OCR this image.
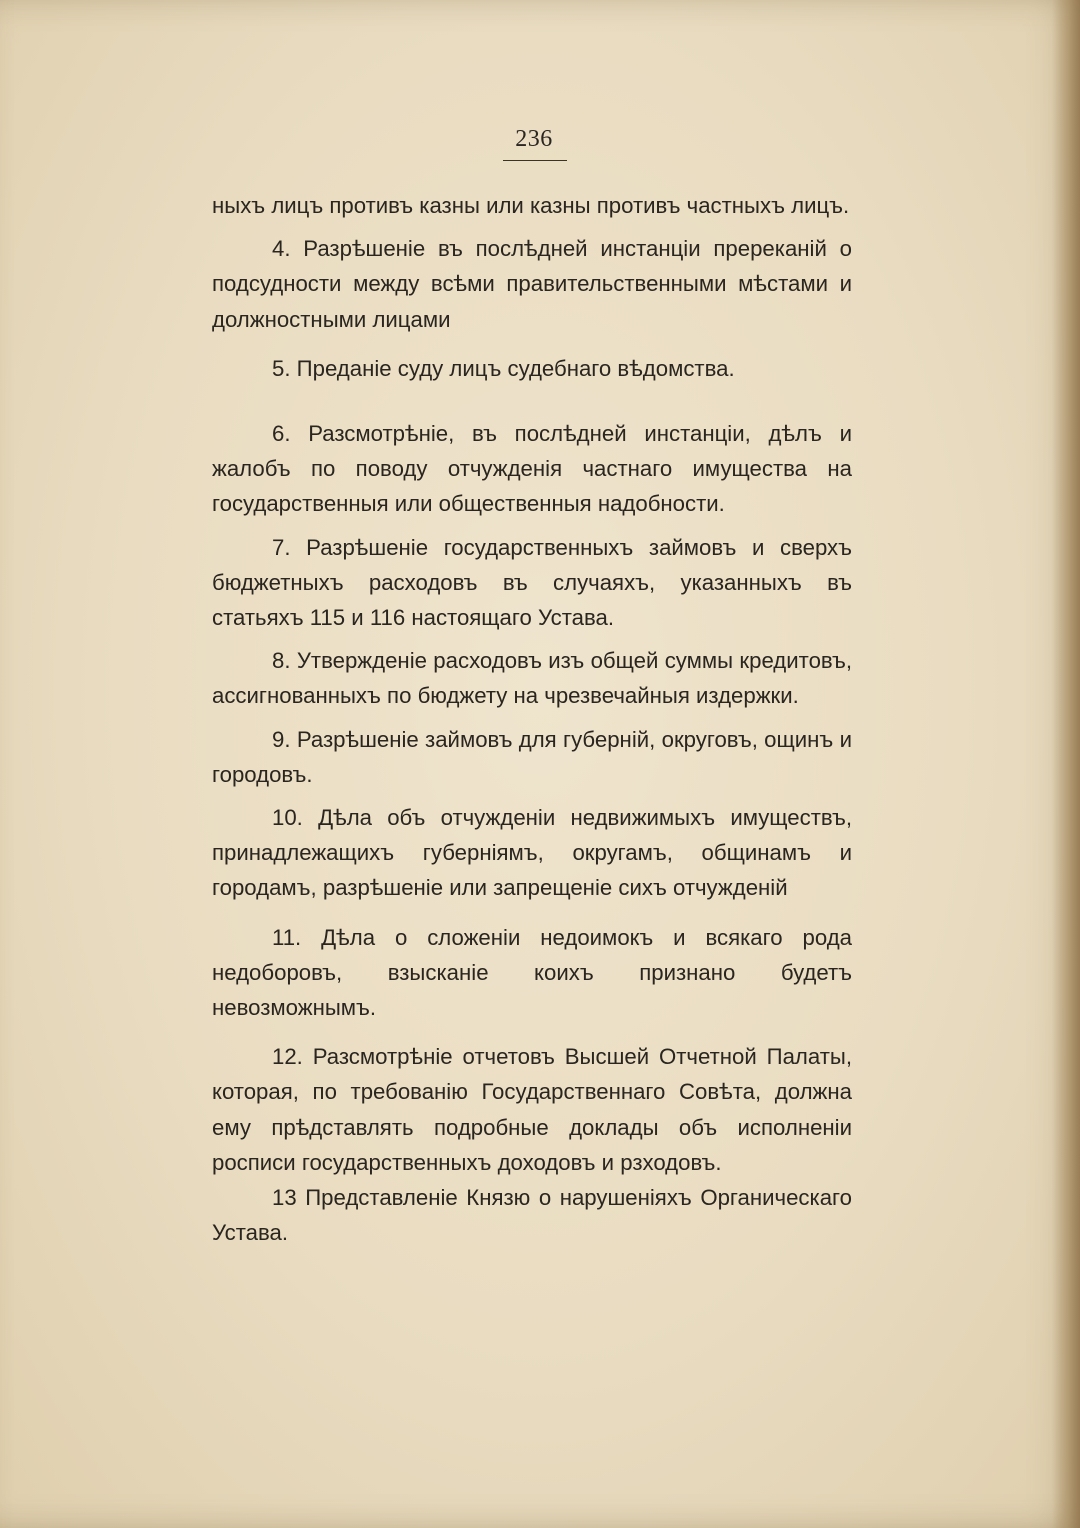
236

ныхъ лицъ противъ казны или казны противъ частныхъ лицъ.

4. Разрѣшеніе въ послѣдней инстанціи пререканій о подсудности между всѣми правительственными мѣстами и должностными лицами

5. Преданіе суду лицъ судебнаго вѣдомства.

6. Разсмотрѣніе, въ послѣдней инстанціи, дѣлъ и жалобъ по поводу отчужденія частнаго имущества на государственныя или общественныя надобности.

7. Разрѣшеніе государственныхъ займовъ и сверхъ бюджетныхъ расходовъ въ случаяхъ, указанныхъ въ статьяхъ 115 и 116 настоящаго Устава.

8. Утвержденіе расходовъ изъ общей суммы кредитовъ, ассигнованныхъ по бюджету на чрезвечайныя издержки.

9. Разрѣшеніе займовъ для губерній, округовъ, ощинъ и городовъ.

10. Дѣла объ отчужденіи недвижимыхъ имуществъ, принадлежащихъ губерніямъ, округамъ, общинамъ и городамъ, разрѣшеніе или запрещеніе сихъ отчужденій

11. Дѣла о сложеніи недоимокъ и всякаго рода недоборовъ, взысканіе коихъ признано будетъ невозможнымъ.

12. Разсмотрѣніе отчетовъ Высшей Отчетной Палаты, которая, по требованію Государственнаго Совѣта, должна ему прѣдставлять подробные доклады объ исполненіи росписи государственныхъ доходовъ и рзходовъ.

13 Представленіе Князю о нарушеніяхъ Органическаго Устава.
